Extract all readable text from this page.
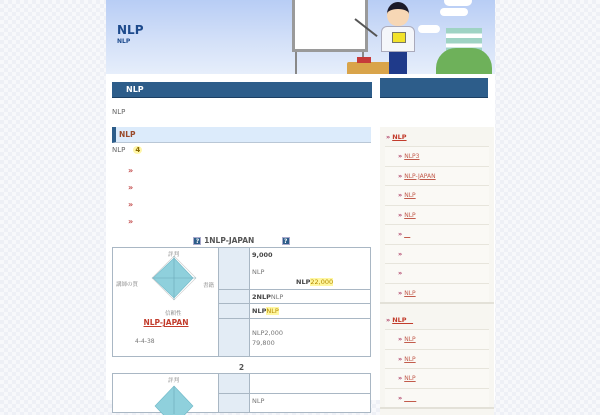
NLP
NLP
NLP
NLP
NLP
NLP 4
»
»
»
»
? 1NLP-JAPAN	?
評判
書籍
信頼性
講師の質
NLP-JAPAN
4-4-38
9,000
NLP
NLP22,000
2NLPNLP
NLPNLP
NLP2,000
79,800
2
評判
NLP
» NLP
» NLP3
» NLP-JAPAN
» NLP
» NLP
» __
»
»
» NLP
» NLP__
» NLP
» NLP
» NLP
» ____
